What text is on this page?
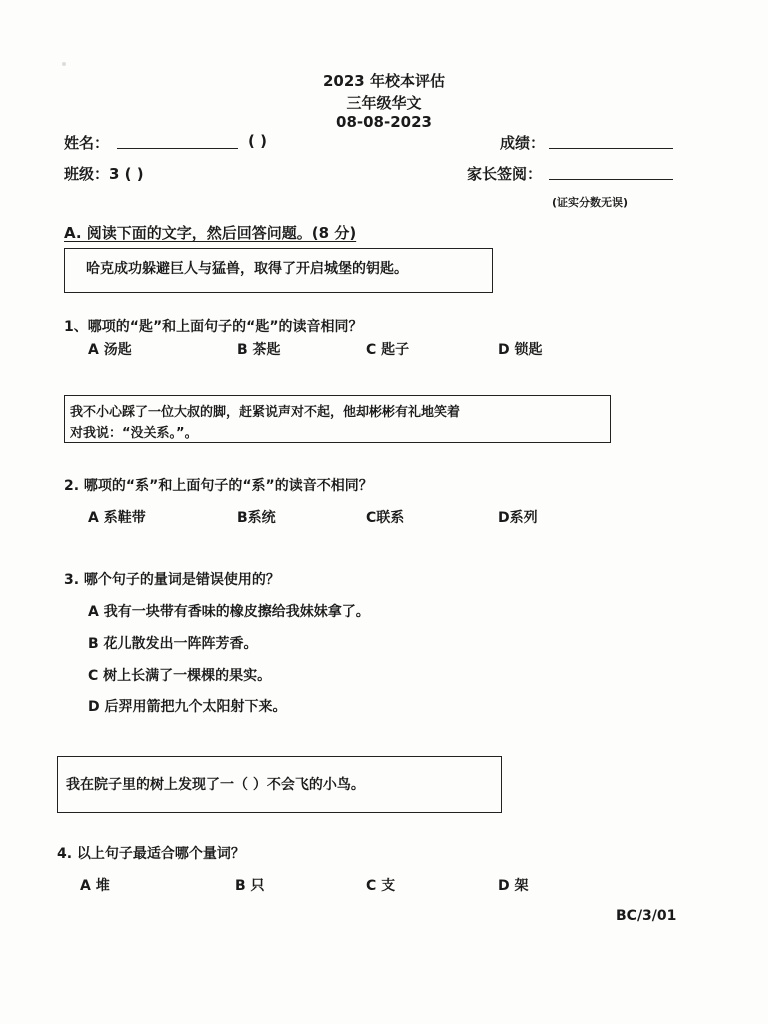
2023 年校本评估
三年级华文
08-08-2023
姓名：	( )	成绩：
班级：3 ( )	家长签阅：
(证实分数无误)
A. 阅读下面的文字，然后回答问题。(8 分)
哈克成功躲避巨人与猛兽，取得了开启城堡的钥匙。
1、哪项的“匙”和上面句子的“匙”的读音相同？
A 汤匙	B 茶匙	C 匙子	D 锁匙
我不小心踩了一位大叔的脚，赶紧说声对不起，他却彬彬有礼地笑着
对我说：“没关系。”。
2. 哪项的“系”和上面句子的“系”的读音不相同？
A 系鞋带	B系统	C联系	D系列
3. 哪个句子的量词是错误使用的？
A 我有一块带有香味的橡皮擦给我妹妹拿了。
B 花儿散发出一阵阵芳香。
C 树上长满了一棵棵的果实。
D 后羿用箭把九个太阳射下来。
我在院子里的树上发现了一（ ）不会飞的小鸟。
4. 以上句子最适合哪个量词？
A 堆	B 只	C 支	D 架
BC/3/01
